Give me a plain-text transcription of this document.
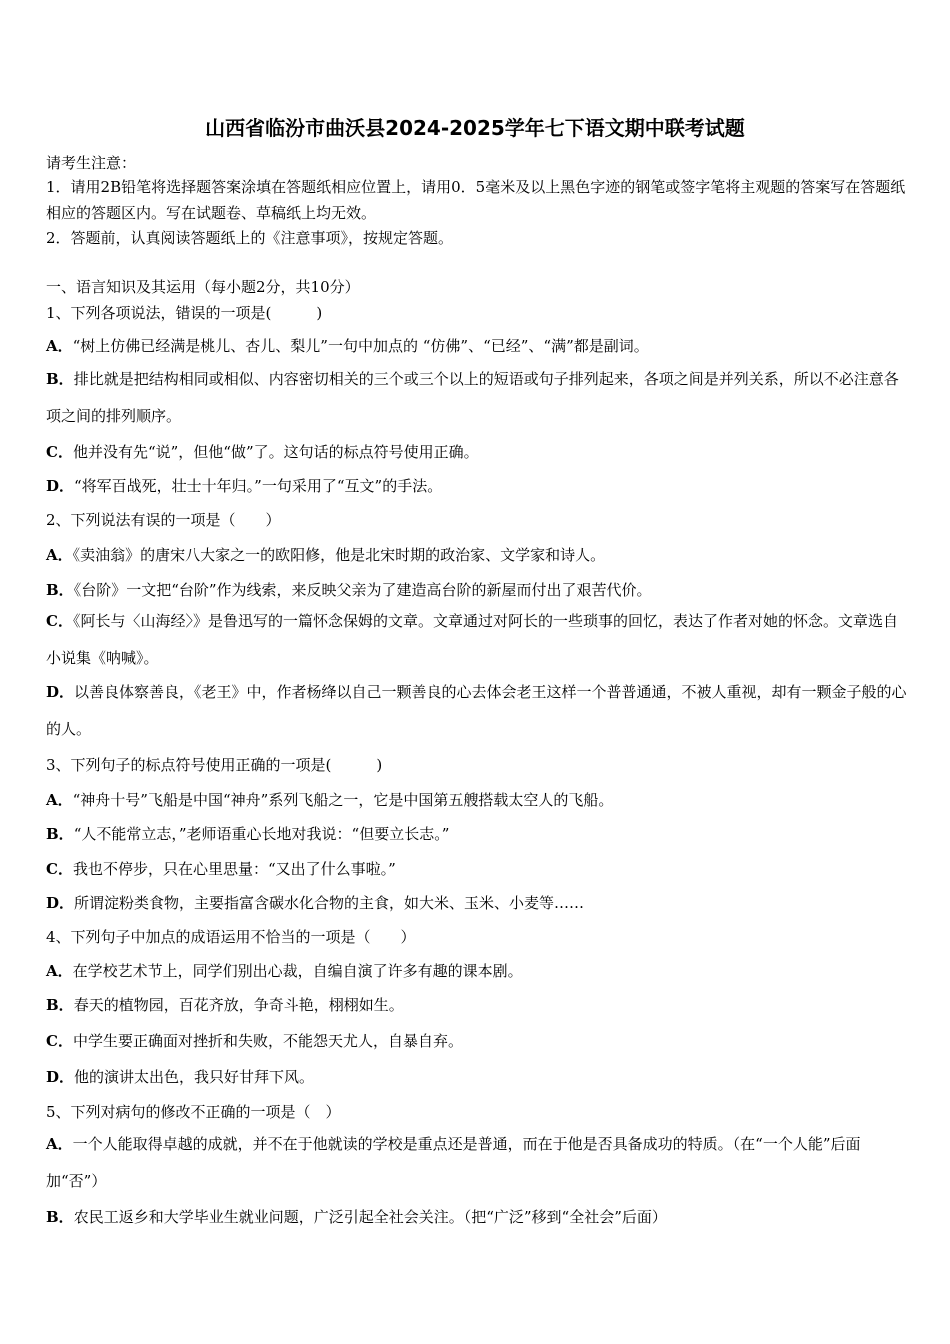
山西省临汾市曲沃县2024-2025学年七下语文期中联考试题
请考生注意：
1．请用2B铅笔将选择题答案涂填在答题纸相应位置上，请用0．5毫米及以上黑色字迹的钢笔或签字笔将主观题的答案写在答题纸相应的答题区内。写在试题卷、草稿纸上均无效。
2．答题前，认真阅读答题纸上的《注意事项》，按规定答题。
一、语言知识及其运用（每小题2分，共10分）
1、下列各项说法，错误的一项是(　　　)
A．“树上仿佛已经满是桃儿、杏儿、梨儿”一句中加点的 “仿佛”、“已经”、“满”都是副词。
B．排比就是把结构相同或相似、内容密切相关的三个或三个以上的短语或句子排列起来，各项之间是并列关系，所以不必注意各项之间的排列顺序。
C．他并没有先“说”，但他“做”了。这句话的标点符号使用正确。
D．“将军百战死，壮士十年归。”一句采用了“互文”的手法。
2、下列说法有误的一项是（　　）
A．《卖油翁》的唐宋八大家之一的欧阳修，他是北宋时期的政治家、文学家和诗人。
B．《台阶》一文把“台阶”作为线索，来反映父亲为了建造高台阶的新屋而付出了艰苦代价。
C．《阿长与〈山海经〉》是鲁迅写的一篇怀念保姆的文章。文章通过对阿长的一些琐事的回忆，表达了作者对她的怀念。文章选自小说集《呐喊》。
D．以善良体察善良，《老王》中，作者杨绛以自己一颗善良的心去体会老王这样一个普普通通，不被人重视，却有一颗金子般的心的人。
3、下列句子的标点符号使用正确的一项是(　　　)
A．“神舟十号”飞船是中国“神舟”系列飞船之一，它是中国第五艘搭载太空人的飞船。
B．“人不能常立志，”老师语重心长地对我说：“但要立长志。”
C．我也不停步，只在心里思量：“又出了什么事啦。”
D．所谓淀粉类食物，主要指富含碳水化合物的主食，如大米、玉米、小麦等……
4、下列句子中加点的成语运用不恰当的一项是（　　）
A．在学校艺术节上，同学们别出心裁，自编自演了许多有趣的课本剧。
B．春天的植物园，百花齐放，争奇斗艳，栩栩如生。
C．中学生要正确面对挫折和失败，不能怨天尤人，自暴自弃。
D．他的演讲太出色，我只好甘拜下风。
5、下列对病句的修改不正确的一项是（　）
A．一个人能取得卓越的成就，并不在于他就读的学校是重点还是普通，而在于他是否具备成功的特质。（在“一个人能”后面加“否”）
B．农民工返乡和大学毕业生就业问题，广泛引起全社会关注。（把“广泛”移到“全社会”后面）
